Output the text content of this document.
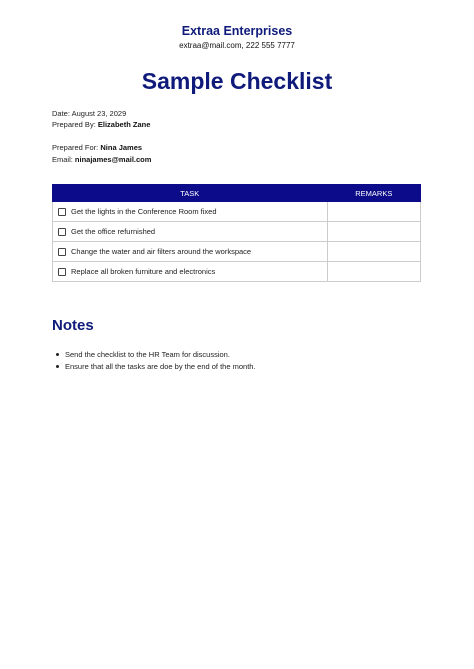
Extraa Enterprises
extraa@mail.com, 222 555 7777
Sample Checklist
Date: August 23, 2029
Prepared By: Elizabeth Zane
Prepared For: Nina James
Email: ninajames@mail.com
TASK	REMARKS

Get the lights in the Conference Room fixed	

Get the office refurnished	

Change the water and air filters around the workspace	

Replace all broken furniture and electronics	

Notes
Send the checklist to the HR Team for discussion.
Ensure that all the tasks are doe by the end of the month.
